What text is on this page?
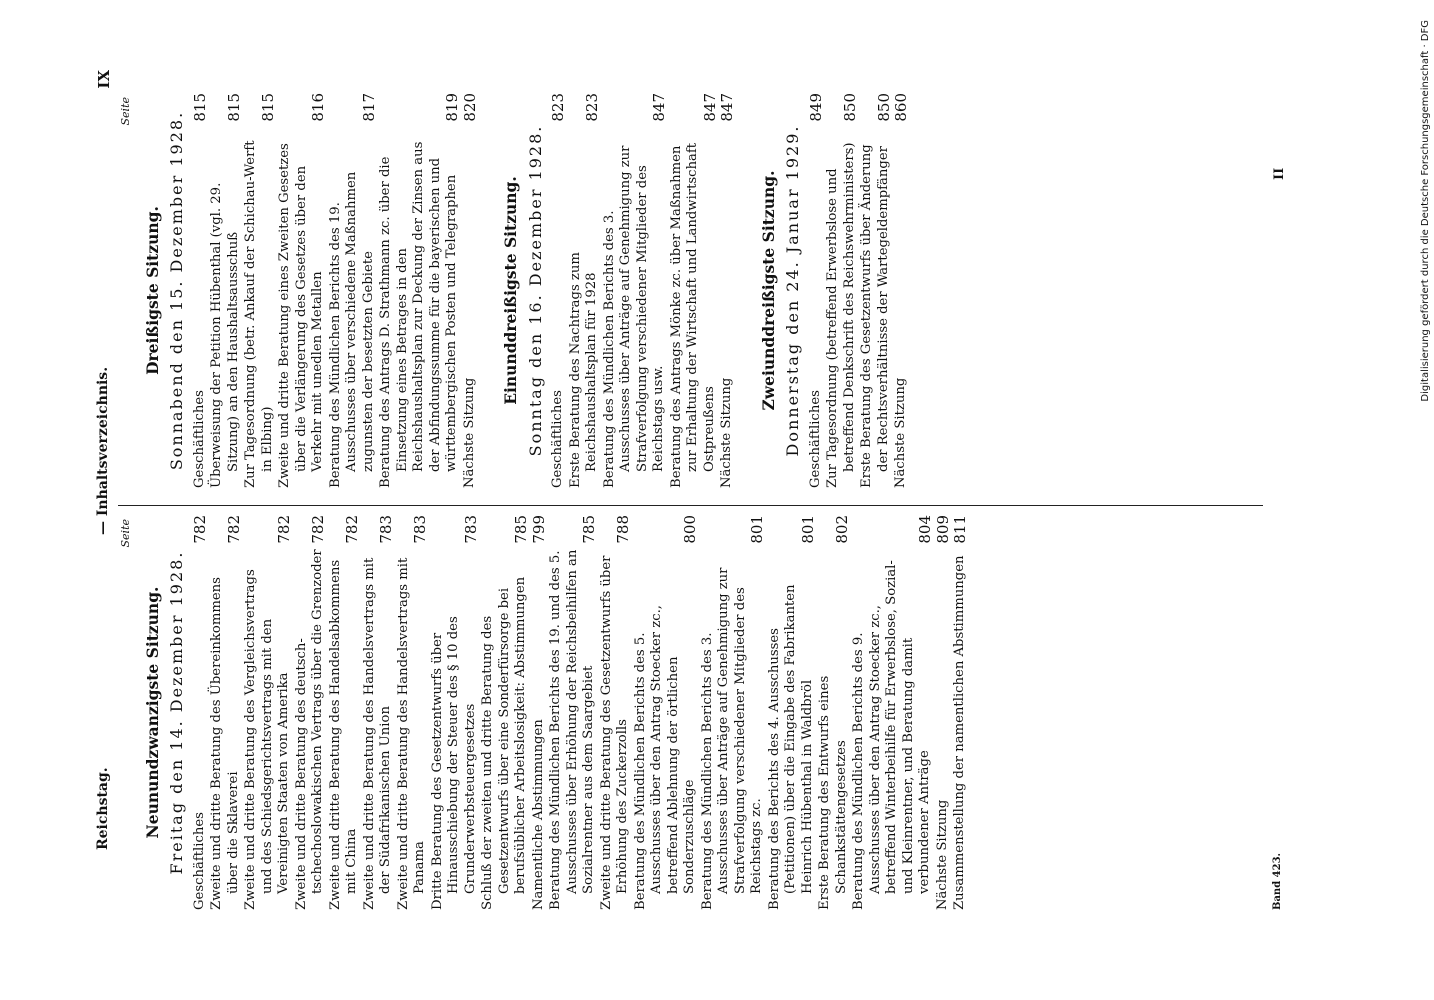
Reichstag.
— Inhaltsverzeichnis.
IX
Seite
Neunundzwanzigste Sitzung. Freitag den 14. Dezember 1928. Geschäftliches
782
Zweite und dritte Beratung des Übereinkommens über die Sklaverei
782
Zweite und dritte Beratung des Vergleichsvertrags und des Schiedsgerichtsvertrags mit den Vereinigten Staaten von Amerika
782
Zweite und dritte Beratung des deutsch-tschechoslowakischen Vertrags über die Grenzoder
782
Zweite und dritte Beratung des Handelsabkommens mit China
782
Zweite und dritte Beratung des Handelsvertrags mit der Südafrikanischen Union
783
Zweite und dritte Beratung des Handelsvertrags mit Panama
783
Dritte Beratung des Gesetzentwurfs über Hinausschiebung der Steuer des § 10 des Grunderwerbsteuergesetzes
783
Schluß der zweiten und dritte Beratung des Gesetzentwurfs über eine Sonderfürsorge bei berufsüblicher Arbeitslosigkeit: Abstimmungen
785
Namentliche Abstimmungen
799
Beratung des Mündlichen Berichts des 19. und des 5. Ausschusses über Erhöhung der Reichsbeihilfen an Sozialrentner aus dem Saargebiet
785
Zweite und dritte Beratung des Gesetzentwurfs über Erhöhung des Zuckerzolls
788
Beratung des Mündlichen Berichts des 5. Ausschusses über den Antrag Stoecker zc., betreffend Ablehnung der örtlichen Sonderzuschläge
800
Beratung des Mündlichen Berichts des 3. Ausschusses über Anträge auf Genehmigung zur Strafverfolgung verschiedener Mitglieder des Reichstags zc.
801
Beratung des Berichts des 4. Ausschusses (Petitionen) über die Eingabe des Fabrikanten Heinrich Hübenthal in Waldbröl
801
Erste Beratung des Entwurfs eines Schankstättengesetzes
802
Beratung des Mündlichen Berichts des 9. Ausschusses über den Antrag Stoecker zc., betreffend Winterbeihilfe für Erwerbslose, Sozial- und Kleinrentner, und Beratung damit verbundener Anträge
804
Nächste Sitzung
809
Zusammenstellung der namentlichen Abstimmungen
811
Seite
Dreißigste Sitzung. Sonnabend den 15. Dezember 1928. Geschäftliches
815
Überweisung der Petition Hübenthal (vgl. 29. Sitzung) an den Haushaltsausschuß
815
Zur Tagesordnung (betr. Ankauf der Schichau-Werft in Elbing)
815
Zweite und dritte Beratung eines Zweiten Gesetzes über die Verlängerung des Gesetzes über den Verkehr mit unedlen Metallen
816
Beratung des Mündlichen Berichts des 19. Ausschusses über verschiedene Maßnahmen zugunsten der besetzten Gebiete
817
Beratung des Antrags D. Strathmann zc. über die Einsetzung eines Betrages in den Reichshaushaltsplan zur Deckung der Zinsen aus der Abfindungssumme für die bayerischen und württembergischen Posten und Telegraphen
819
Nächste Sitzung
820
Einunddreißigste Sitzung. Sonntag den 16. Dezember 1928. Geschäftliches
823
Erste Beratung des Nachtrags zum Reichshaushaltsplan für 1928
823
Beratung des Mündlichen Berichts des 3. Ausschusses über Anträge auf Genehmigung zur Strafverfolgung verschiedener Mitglieder des Reichstags usw.
847
Beratung des Antrags Mönke zc. über Maßnahmen zur Erhaltung der Wirtschaft und Landwirtschaft Ostpreußens
847
Nächste Sitzung
847
Zweiunddreißigste Sitzung. Donnerstag den 24. Januar 1929. Geschäftliches
849
Zur Tagesordnung (betreffend Erwerbslose und betreffend Denkschrift des Reichswehrministers)
850
Erste Beratung des Gesetzentwurfs über Änderung der Rechtsverhältnisse der Wartegeldempfänger
850
Nächste Sitzung
860
Band 423.
II	Digitalisierung gefördert durch die Deutsche Forschungsgemeinschaft · DFG
